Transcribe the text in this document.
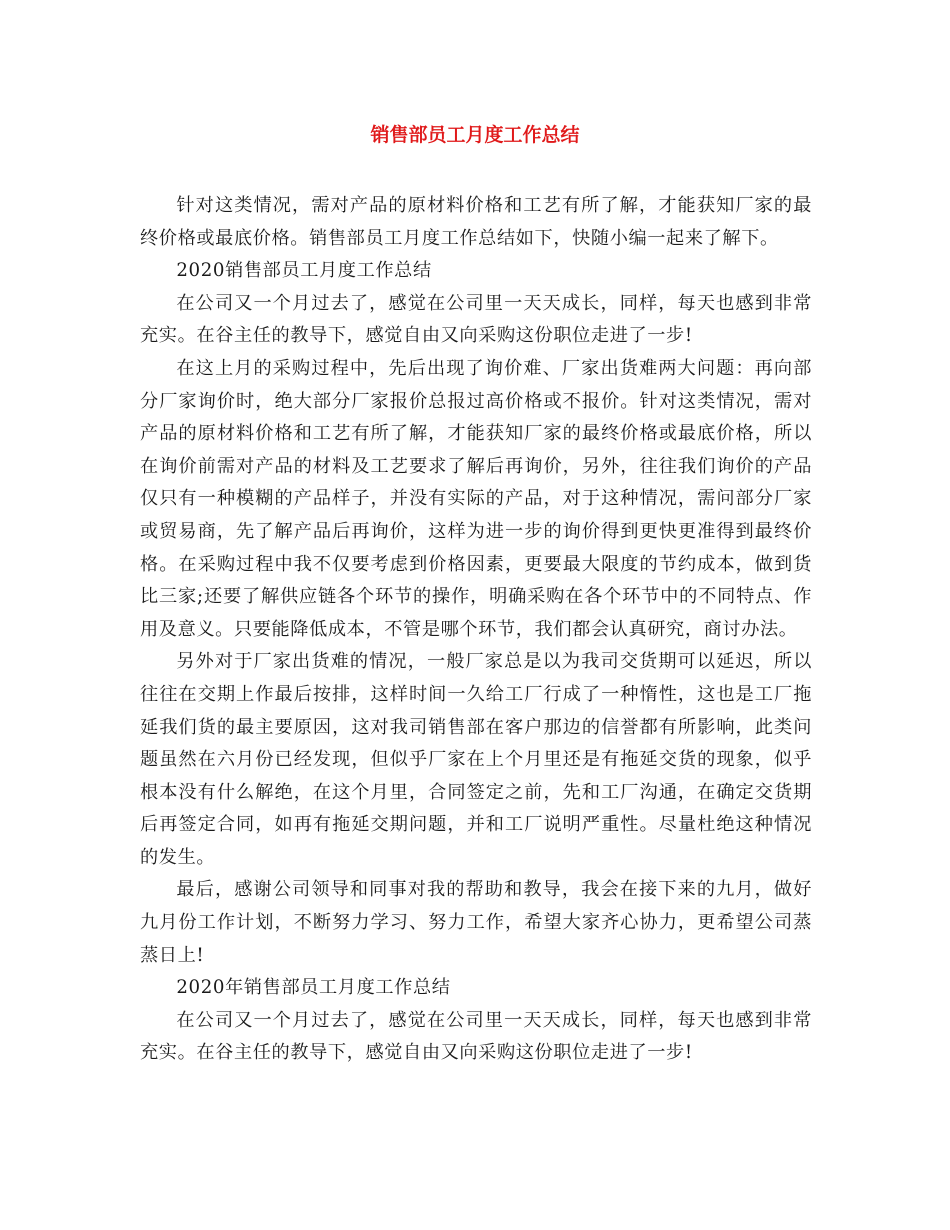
销售部员工月度工作总结

针对这类情况，需对产品的原材料价格和工艺有所了解，才能获知厂家的最终价格或最底价格。销售部员工月度工作总结如下，快随小编一起来了解下。

2020销售部员工月度工作总结

在公司又一个月过去了，感觉在公司里一天天成长，同样，每天也感到非常充实。在谷主任的教导下，感觉自由又向采购这份职位走进了一步!

在这上月的采购过程中，先后出现了询价难、厂家出货难两大问题：再向部分厂家询价时，绝大部分厂家报价总报过高价格或不报价。针对这类情况，需对产品的原材料价格和工艺有所了解，才能获知厂家的最终价格或最底价格，所以在询价前需对产品的材料及工艺要求了解后再询价，另外，往往我们询价的产品仅只有一种模糊的产品样子，并没有实际的产品，对于这种情况，需问部分厂家或贸易商，先了解产品后再询价，这样为进一步的询价得到更快更准得到最终价格。在采购过程中我不仅要考虑到价格因素，更要最大限度的节约成本，做到货比三家;还要了解供应链各个环节的操作，明确采购在各个环节中的不同特点、作用及意义。只要能降低成本，不管是哪个环节，我们都会认真研究，商讨办法。

另外对于厂家出货难的情况，一般厂家总是以为我司交货期可以延迟，所以往往在交期上作最后按排，这样时间一久给工厂行成了一种惰性，这也是工厂拖延我们货的最主要原因，这对我司销售部在客户那边的信誉都有所影响，此类问题虽然在六月份已经发现，但似乎厂家在上个月里还是有拖延交货的现象，似乎根本没有什么解绝，在这个月里，合同签定之前，先和工厂沟通，在确定交货期后再签定合同，如再有拖延交期问题，并和工厂说明严重性。尽量杜绝这种情况的发生。

最后，感谢公司领导和同事对我的帮助和教导，我会在接下来的九月，做好九月份工作计划，不断努力学习、努力工作，希望大家齐心协力，更希望公司蒸蒸日上!

2020年销售部员工月度工作总结

在公司又一个月过去了，感觉在公司里一天天成长，同样，每天也感到非常充实。在谷主任的教导下，感觉自由又向采购这份职位走进了一步!
